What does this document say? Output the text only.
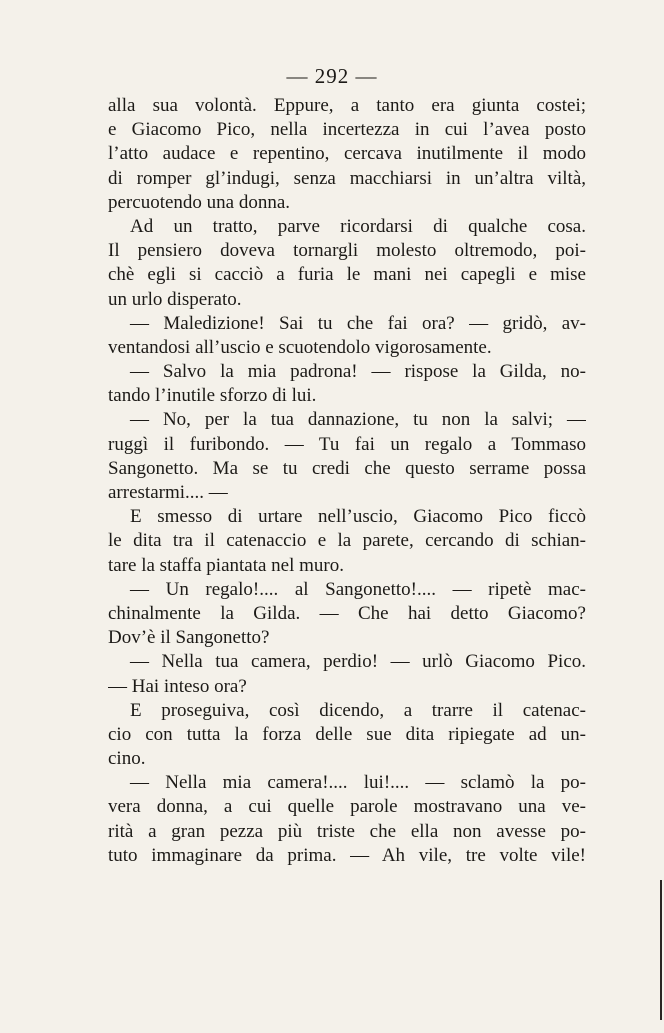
— 292 —
alla sua volontà. Eppure, a tanto era giunta costei;
e Giacomo Pico, nella incertezza in cui l’avea posto
l’atto audace e repentino, cercava inutilmente il modo
di romper gl’indugi, senza macchiarsi in un’altra viltà,
percuotendo una donna.
Ad un tratto, parve ricordarsi di qualche cosa.
Il pensiero doveva tornargli molesto oltremodo, poi-
chè egli si cacciò a furia le mani nei capegli e mise
un urlo disperato.
— Maledizione! Sai tu che fai ora? — gridò, av-
ventandosi all’uscio e scuotendolo vigorosamente.
— Salvo la mia padrona! — rispose la Gilda, no-
tando l’inutile sforzo di lui.
— No, per la tua dannazione, tu non la salvi; —
ruggì il furibondo. — Tu fai un regalo a Tommaso
Sangonetto. Ma se tu credi che questo serrame possa
arrestarmi.... —
E smesso di urtare nell’uscio, Giacomo Pico ficcò
le dita tra il catenaccio e la parete, cercando di schian-
tare la staffa piantata nel muro.
— Un regalo!.... al Sangonetto!.... — ripetè mac-
chinalmente la Gilda. — Che hai detto Giacomo?
Dov’è il Sangonetto?
— Nella tua camera, perdio! — urlò Giacomo Pico.
— Hai inteso ora?
E proseguiva, così dicendo, a trarre il catenac-
cio con tutta la forza delle sue dita ripiegate ad un-
cino.
— Nella mia camera!.... lui!.... — sclamò la po-
vera donna, a cui quelle parole mostravano una ve-
rità a gran pezza più triste che ella non avesse po-
tuto immaginare da prima. — Ah vile, tre volte vile!
